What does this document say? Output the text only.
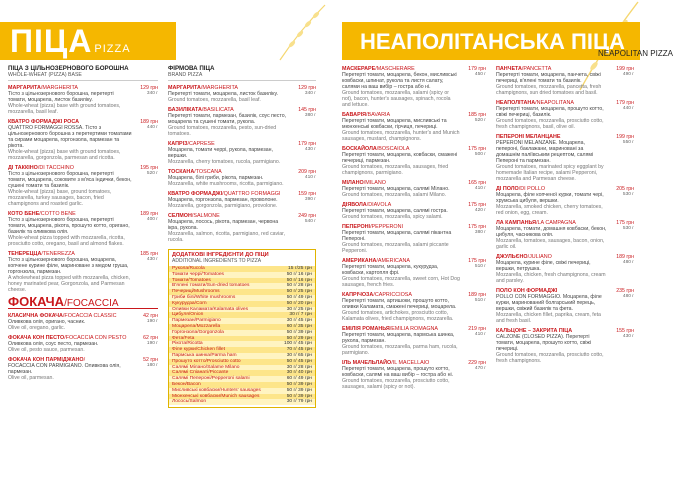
ПІЦА PIZZA	НЕАПОЛІТАНСЬКА ПІЦА
NEAPOLITAN PIZZA
ПІЦА З ЦІЛЬНОЗЕРНОВОГО БОРОШНА
WHOLE-WHEAT (PIZZA) BASE
МАРГАРИТА/MARGHERITA	129 грн
340 г
Тісто з цільнозернового борошна, перетерті томати, моцарела, листок базиліку.
Whole-wheat (pizza) base with ground tomatoes, mozzarella, basil leaf.
КВАТРО ФОРМАДЖІ РОСА	189 грн
440 г
QUATTRO FORMAGGI ROSSA. Тісто з цільнозернового борошна з перетертими томатами та сирами моцарела, горгонзола, пармезан та рікота.
Whole-wheat (pizza) base with ground tomatoes, mozzarella, gorgonzola, parmesan and ricotta.
ДІ ТАККІНО/DI TACCHINO	195 грн
520 г
Тісто з цільнозернового борошна, перетерті томати, моцарела, соковите з м'яса індички, бекон, сушені томати та базилік.
Whole-wheat (pizza) base, ground tomatoes, mozzarella, turkey sausages, bacon, fried champignons and roasted garlic.
КОТО БЕНЕ/COTTO BENE	189 грн
400 г
Тісто з цільнозернового борошна, перетерті томати, моцарела, рікота, прошуто котто, оригано, базилік та оливкова олія.
Whole-wheat pizza topped with mozzarella, ricotta, prosciutto cotto, oregano, basil and almond flakes.
ТЕНЕРЕЦЦА/TENEREZZA	185 грн
430 г
Тісто з цільнозернового борошна, моцарела, копчене курине філе, мариноване з медом груша, горгонзола, пармезан.
A wholewheat pizza topped with mozzarella, chicken, honey marinated pear, Gorgonzola, and Parmesan cheese.
ФОКАЧА/FOCACCIA
КЛАСИЧНА ФОКАЧА/FOCACCIA CLASSIC	42 грн
190 г
Оливкова олія, оригано, часник.
Olive oil, oregano, garlic.
ФОКАЧА КОН ПЕСТО/FOCACCIA CON PESTO	62 грн
190 г
Оливкова олія, соус песто, пармезан.
Olive oil, pesto sauce, parmesan.
ФОКАЧА КОН ПАРМІДЖАНО/	52 грн
180 г
FOCACCIA CON PARMIGIANO. Оливкова олія, пармезан.
Olive oil, parmesan.
ФІРМОВА ПІЦА
BRAND PIZZA
МАРГАРИТА/MARGHERITA	129 грн
340 г
Перетерті томати, моцарела, листок базиліку.
Ground tomatoes, mozzarella, basil leaf.
БАЗИЛІКАТА/BASILICATA	145 грн
380 г
Перетерті томати, пармезан, базилік, соус песто, моцарела та сушені томати, рукола.
Ground tomatoes, mozzarella, pesto, sun-dried tomatoes.
КАПРІЗ/CAPRESE	179 грн
430 г
Моцарела, томати черрі, рукола, пармезан, вершки.
Mozzarella, cherry tomatoes, rucola, parmigiano.
ТОСКАНА/TOSCANA	209 грн
410 г
Моцарела, білі гриби, рікота, пармезан.
Mozzarella, white mushrooms, ricotta, parmigiano.
КВАТРО ФОРМАДЖІ/QUATTRO FORMAGGI	159 грн
390 г
Моцарела, горгонзола, пармезан, проволоне.
Mozzarella, gorgonzola, parmigiano, provolone.
СЕЛМОН/SALMONE	249 грн
540 г
Моцарела, лосось, рікота, пармезан, червона ікра, рукола.
Mozzarella, salmon, ricotta, parmigiano, red caviar, rucola.
ДОДАТКОВІ ІНГРЕДІЄНТИ ДО ПІЦИ
ADDITIONAL INGREDIENTS TO PIZZA
Рукола/Rucola	15 г/25 грн
Томати черрі/Tomatoes	50 г/ 16 грн
Томати/Tomatoes	50 г/ 16 грн
В'ялені томати/Sun-dried tomatoes	50 г/ 28 грн
Печериці/Mushrooms	50 г/ 25 грн
Гриби білі/White mushrooms	50 г/ 49 грн
Кукурудза/Corn	50 г/ 20 грн
Оливки Каламата/Kalamata olives	30 г/ 25 грн
Цибуля/Onion	30 г/ 7 грн
Пармезан/Parmigiano	30 г/ 45 грн
Моцарела/Mozzarella	60 г/ 35 грн
Горгонзола/Gorgonzola	50 г/ 39 грн
Фета/Feta	50 г/ 29 грн
Рікота/Ricotta	100 г/ 45 грн
Філе курки/Chicken fillet	70 г/ 45 грн
Пармська шинка/Parma ham	30 г/ 65 грн
Прошуто котто/Prosciutto cotto	50 г/ 45 грн
Салямі Мілано/Salame Milano	30 г/ 28 грн
Салямі Спіанаті/Piccante	30 г/ 40 грн
Салямі Пепероні/Pepperoni salami	60 г/ 49 грн
Бекон/Bacon	50 г/ 39 грн
Мисливські ковбаски/Hunters' sausages	50 г/ 39 грн
Мюнхенські ковбаски/Munich sausages	50 г/ 39 грн
Лосось/Salmon	30 г/ 79 грн
МАСКЕРАРЕ/MASCHERARE	179 грн
450 г
Перетерті томати, моцарела, бекон, мисливські ковбаски, шпинат, рукола та листя салату, салями на ваш вибір – гостра або ні.
Ground tomatoes, mozzarella, salami (spicy or not), bacon, hunter's sausages, spinach, rocola and lettuce.
БАВАРІЯ/BAVARIA	185 грн
520 г
Перетерті томати, моцарела, мисливські та мюнхенські ковбаски, гірчиця, печериці.
Ground tomatoes, mozzarella, hunter's and Munich sausages, mustard, champignons.
БОСКАЙОЛА/BOSCAIOLA	175 грн
500 г
Перетерті томати, моцарела, ковбаски, смажені печериці, пармезан.
Ground tomatoes, mozzarella, sausages, fried champignons, parmigiano.
МІЛАНО/MILANO	165 грн
410 г
Перетерті томати, моцарела, салямі Мілано.
Ground tomatoes, mozzarella, salami Milano.
ДІЯВОЛА/DIAVOLA	175 грн
420 г
Перетерті томати, моцарела, салямі гостра.
Ground tomatoes, mozzarella, spicy salami.
ПЕПЕРОНІ/PEPPERONI	175 грн
380 г
Перетерті томати, моцарела, салямі пікантна Пепероні.
Ground tomatoes, mozzarella, salami piccante Pepperoni.
АМЕРИКАНА/AMERICANA	175 грн
510 г
Перетерті томати, моцарела, кукурудза, ковбаски, картопля фрі.
Ground tomatoes, mozzarella, sweet corn, Hot Dog sausages, french fries.
КАПРІЧОЗА/CAPRICCIOSA	189 грн
510 г
Перетерті томати, артишоки, прошуто котто, оливки Каламата, смажені печериці, моцарела.
Ground tomatoes, artichokes, prosciutto cotto, Kalamata olives, fried champignons, mozzarella.
ЕМІЛІЯ РОМАНЬЯ/EMILIA ROMAGNA	219 грн
410 г
Перетерті томати, моцарела, пармська шинка, рукола, пармезан.
Ground tomatoes, mozzarella, parma ham, rucola, parmigiano.
ІЛЬ МАЧЕЛЬЛАЙО/IL MACELLAIO	229 грн
470 г
Перетерті томати, моцарела, прошуто котто, ковбаски, салямі на ваш вибір – гостра або ні.
Ground tomatoes, mozzarella, prosciutto cotto, sausages, salami (spicy or not).
ПАНЧЕТА/PANCETTA	199 грн
490 г
Перетерті томати, моцарела, панчета, свіжі печериці, в'ялені томати та базилік.
Ground tomatoes, mozzarella, pancetta, fresh champignons, sun dried tomatoes and basil.
НЕАПОЛІТАНА/NEAPOLITANA	179 грн
440 г
Перетерті томати, моцарела, прошуто котто, свіжі печериці, базилік.
Ground tomatoes, mozzarella, prosciutto cotto, fresh champignons, basil, olive oil.
ПЕПЕРОНІ МЕЛАНЦАНЕ	199 грн
550 г
PEPERONI MELANZANE. Моцарела, пепероні, баклажани, мариновані за домашнім паліївським рецептом, салямі Пепероні та пармезан.
Ground tomatoes, marinated spicy eggplant by homemade Italian recipe, salami Pepperoni, mozzarella and Parmesan cheese.
ДІ ПОЛО/DI POLLO	205 грн
530 г
Моцарела, філе копченої курки, томати чері, хрумська цибуля, вершки.
Mozzarella, smoked chicken, cherry tomatoes, red onion, egg, cream.
ЛА КАМПАНЬЯ/LA CAMPAGNA	175 грн
530 г
Моцарела, томати, домашня ковбаски, бекон, цибуля, часникова олія.
Mozzarella, tomatoes, sausages, bacon, onion, garlic oil.
ДЖУЛЬЄНО/JULIANO	189 грн
480 г
Моцарела, курине філе, свіжі печериці, вершки, петрушка.
Mozzarella, chicken, fresh champignons, cream and parsley.
ПОЛО КОН ФОРМАДЖІ	235 грн
480 г
POLLO CON FORMAGGIO. Моцарела, філе курки, маринований болгарський перець, вершки, свіжий базилік та фета.
Mozzarella, chicken fillet, paprika, cream, feta and fresh basil.
КАЛЬЦОНЕ – ЗАКРИТА ПІЦА	155 грн
430 г
CALZONE (CLOSED PIZZA). Перетерті томати, моцарела, прошуто котто, свіжі печериці.
Ground tomatoes, mozzarella, prosciutto cotto, fresh champignons.
